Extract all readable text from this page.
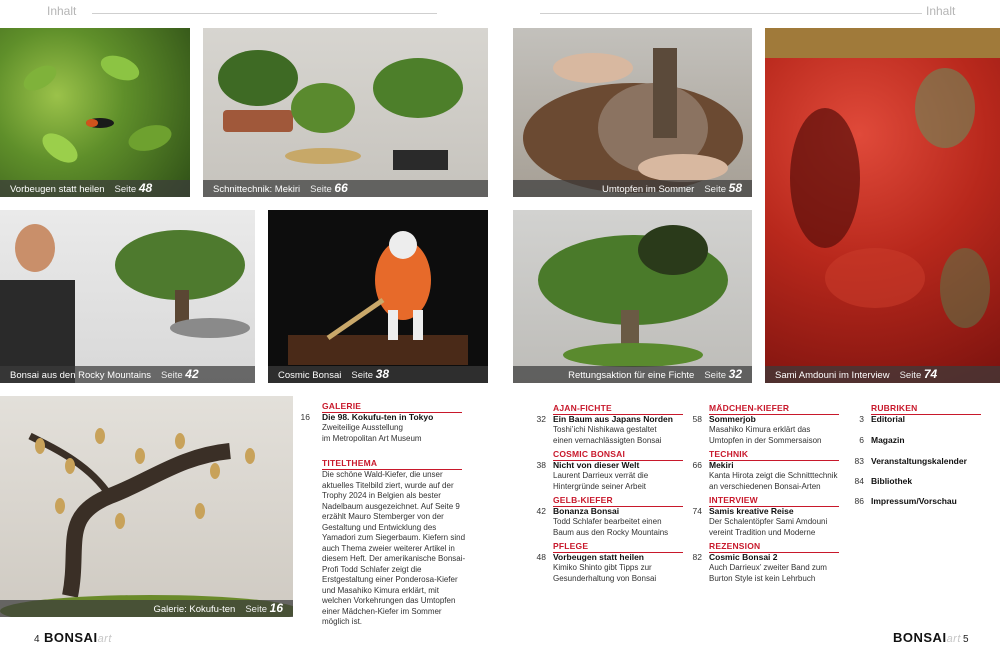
Inhalt	Inhalt
Vorbeugen statt heilen Seite 48	Schnittechnik: Mekiri Seite 66	Umtopfen im Sommer Seite 58
Sami Amdouni im Interview Seite 74
Bonsai aus den Rocky Mountains Seite 42	Cosmic Bonsai Seite 38	Rettungsaktion für eine Fichte Seite 32
Galerie: Kokufu-ten Seite 16
GALERIE
16 Die 98. Kokufu-ten in Tokyo
Zweiteilige Ausstellung
im Metropolitan Art Museum
TITELTHEMA
Die schöne Wald-Kiefer, die unser aktuelles Titelbild ziert, wurde auf der Trophy 2024 in Belgien als bester Nadelbaum ausgezeichnet. Auf Seite 9 erzählt Mauro Stemberger von der Gestaltung und Entwicklung des Yamadori zum Siegerbaum. Kiefern sind auch Thema zweier weiterer Artikel in diesem Heft. Der amerikanische Bonsai-Profi Todd Schlafer zeigt die Erstgestaltung einer Ponderosa-Kiefer und Masahiko Kimura erklärt, mit welchen Vorkehrungen das Umtopfen einer Mädchen-Kiefer im Sommer möglich ist.
AJAN-FICHTE
32 Ein Baum aus Japans Norden
Toshi’ichi Nishikawa gestaltet
einen vernachlässigten Bonsai
COSMIC BONSAI
38 Nicht von dieser Welt
Laurent Darrieux verrät die
Hintergründe seiner Arbeit
GELB-KIEFER
42 Bonanza Bonsai
Todd Schlafer bearbeitet einen
Baum aus den Rocky Mountains
PFLEGE
48 Vorbeugen statt heilen
Kimiko Shinto gibt Tipps zur
Gesunderhaltung von Bonsai
MÄDCHEN-KIEFER
58 Sommerjob
Masahiko Kimura erklärt das
Umtopfen in der Sommersaison
TECHNIK
66 Mekiri
Kanta Hirota zeigt die Schnitttechnik
an verschiedenen Bonsai-Arten
INTERVIEW
74 Samis kreative Reise
Der Schalentöpfer Sami Amdouni
vereint Tradition und Moderne
REZENSION
82 Cosmic Bonsai 2
Auch Darrieux’ zweiter Band zum
Burton Style ist kein Lehrbuch
RUBRIKEN
3 Editorial
6 Magazin
83 Veranstaltungskalender
84 Bibliothek
86 Impressum/Vorschau
4 BONSAIart	BONSAIart 5
